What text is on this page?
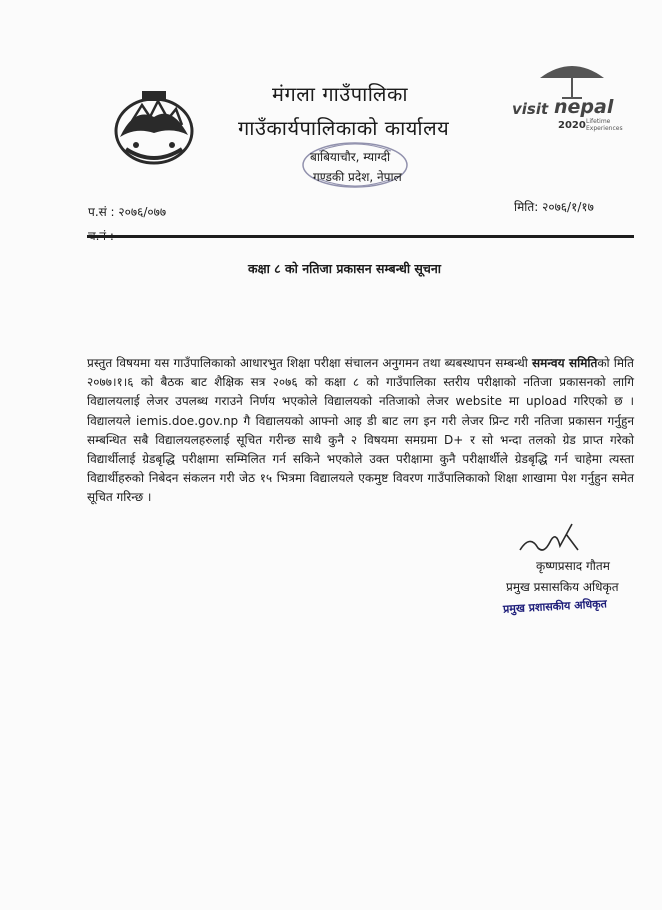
मंगला गाउँपालिका
गाउँकार्यपालिकाको कार्यालय
बाबियाचौर, म्याग्दी
गण्डकी प्रदेश, नेपाल
visit nepal
2020 Lifetime Experiences
प.सं : २०७६/०७७	मिति: २०७६/१/१७
कक्षा ८ को नतिजा प्रकासन सम्बन्धी सूचना
प्रस्तुत विषयमा यस गाउँपालिकाको आधारभुत शिक्षा परीक्षा संचालन अनुगमन तथा ब्यबस्थापन सम्बन्धी समन्वय समितिको मिति २०७७।१।६ को बैठक बाट शैक्षिक सत्र २०७६ को कक्षा ८ को गाउँपालिका स्तरीय परीक्षाको नतिजा प्रकासनको लागि विद्यालयलाई लेजर उपलब्ध गराउने निर्णय भएकोले विद्यालयको नतिजाको लेजर website मा upload गरिएको छ । विद्यालयले iemis.doe.gov.np गै विद्यालयको आफ्नो आइ डी बाट लग इन गरी लेजर प्रिन्ट गरी नतिजा प्रकासन गर्नुहुन सम्बन्धित सबै विद्यालयलहरुलाई सूचित गरीन्छ साथै कुनै २ विषयमा समग्रमा D+ र सो भन्दा तलको ग्रेड प्राप्त गरेको विद्यार्थीलाई ग्रेडबृद्धि परीक्षामा सम्मिलित गर्न सकिने भएकोले उक्त परीक्षामा कुनै परीक्षार्थीले ग्रेडबृद्धि गर्न चाहेमा त्यस्ता विद्यार्थीहरुको निबेदन संकलन गरी जेठ १५ भित्रमा विद्यालयले एकमुष्ट विवरण गाउँपालिकाको शिक्षा शाखामा पेश गर्नुहुन समेत सूचित गरिन्छ ।
कृष्णप्रसाद गौतम
प्रमुख प्रसासकिय अधिकृत
प्रमुख प्रशासकीय अधिकृत
